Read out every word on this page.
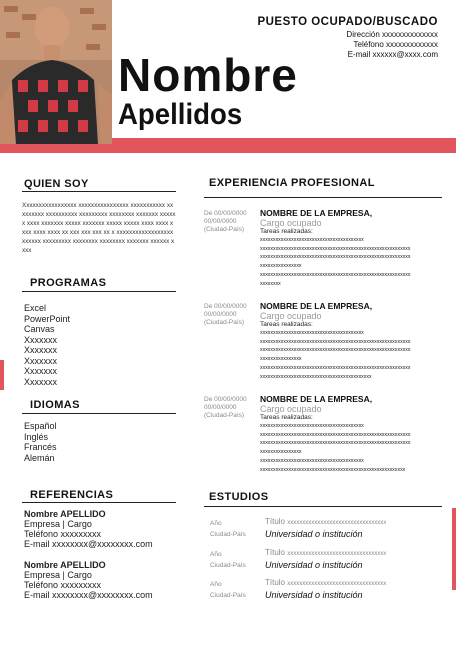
Nombre
Apellidos
PUESTO OCUPADO/BUSCADO
Dirección xxxxxxxxxxxxxx
Teléfono xxxxxxxxxxxxx
E-mail xxxxxx@xxxx.com
QUIEN SOY
Xxxxxxxxxxxxxxxxx xxxxxxxxxxxxxxxx xxxxxxxxxxx xxxxxxxxx xxxxxxxxxx xxxxxxxxx xxxxxxxx xxxxxxx xxxxxx xxxx xxxxxxx xxxxx xxxxxxx xxxxx xxxxx xxxx xxxx xxxx xxxx xxxx xx xxx xxx xxx xx x xxxxxxxxxxxxxxxxxx xxxxxx xxxxxxxxx xxxxxxxx xxxxxxxx xxxxxxx xxxxxx xxxx
PROGRAMAS
Excel
PowerPoint
Canvas
Xxxxxxx
Xxxxxxx
Xxxxxxx
Xxxxxxx
Xxxxxxx
IDIOMAS
Español
Inglés
Francés
Alemán
REFERENCIAS
Nombre APELLIDO
Empresa | Cargo
Teléfono xxxxxxxxx
E-mail xxxxxxxx@xxxxxxxx.com
Nombre APELLIDO
Empresa | Cargo
Teléfono xxxxxxxxx
E-mail xxxxxxxx@xxxxxxxx.com
EXPERIENCIA PROFESIONAL
De 00/00/0000
00/00/0000
(Ciudad-País)
NOMBRE DE LA EMPRESA,
Cargo ocupado
Tareas realizadas:
xxxxxxxxxxxxxxxxxxxxxxxxxxxxxxxxxxxxxxxx
xxxxxxxxxxxxxxxxxxxxxxxxxxxxxxxxxxxxxxxxxxxxxxxxxxxxxxxxxx
xxxxxxxxxxxxxxxxxxxxxxxxxxxxxxxxxxxxxxxxxxxxxxxxxxxxxxxxxx
xxxxxxxxxxxxxxxx
xxxxxxxxxxxxxxxxxxxxxxxxxxxxxxxxxxxxxxxxxxxxxxxxxxxxxxxxxx
xxxxxxxx
De 00/00/0000
00/00/0000
(Ciudad-País)
NOMBRE DE LA EMPRESA,
Cargo ocupado
Tareas realizadas:
xxxxxxxxxxxxxxxxxxxxxxxxxxxxxxxxxxxxxxxx
xxxxxxxxxxxxxxxxxxxxxxxxxxxxxxxxxxxxxxxxxxxxxxxxxxxxxxxxxx
xxxxxxxxxxxxxxxxxxxxxxxxxxxxxxxxxxxxxxxxxxxxxxxxxxxxxxxxxx
xxxxxxxxxxxxxxxx
xxxxxxxxxxxxxxxxxxxxxxxxxxxxxxxxxxxxxxxxxxxxxxxxxxxxxxxxxx
xxxxxxxxxxxxxxxxxxxxxxxxxxxxxxxxxxxxxxxxxxx
De 00/00/0000
00/00/0000
(Ciudad-País)
NOMBRE DE LA EMPRESA,
Cargo ocupado
Tareas realizadas:
xxxxxxxxxxxxxxxxxxxxxxxxxxxxxxxxxxxxxxxx
xxxxxxxxxxxxxxxxxxxxxxxxxxxxxxxxxxxxxxxxxxxxxxxxxxxxxxxxxx
xxxxxxxxxxxxxxxxxxxxxxxxxxxxxxxxxxxxxxxxxxxxxxxxxxxxxxxxxx
xxxxxxxxxxxxxxxx
xxxxxxxxxxxxxxxxxxxxxxxxxxxxxxxxxxxxxxxx
xxxxxxxxxxxxxxxxxxxxxxxxxxxxxxxxxxxxxxxxxxxxxxxxxxxxxxxx
ESTUDIOS
Año
Ciudad-País
Título xxxxxxxxxxxxxxxxxxxxxxxxxxxxxxxxx
Universidad o institución
Año
Ciudad-País
Título xxxxxxxxxxxxxxxxxxxxxxxxxxxxxxxxx
Universidad o institución
Año
Ciudad-País
Título xxxxxxxxxxxxxxxxxxxxxxxxxxxxxxxxx
Universidad o institución
